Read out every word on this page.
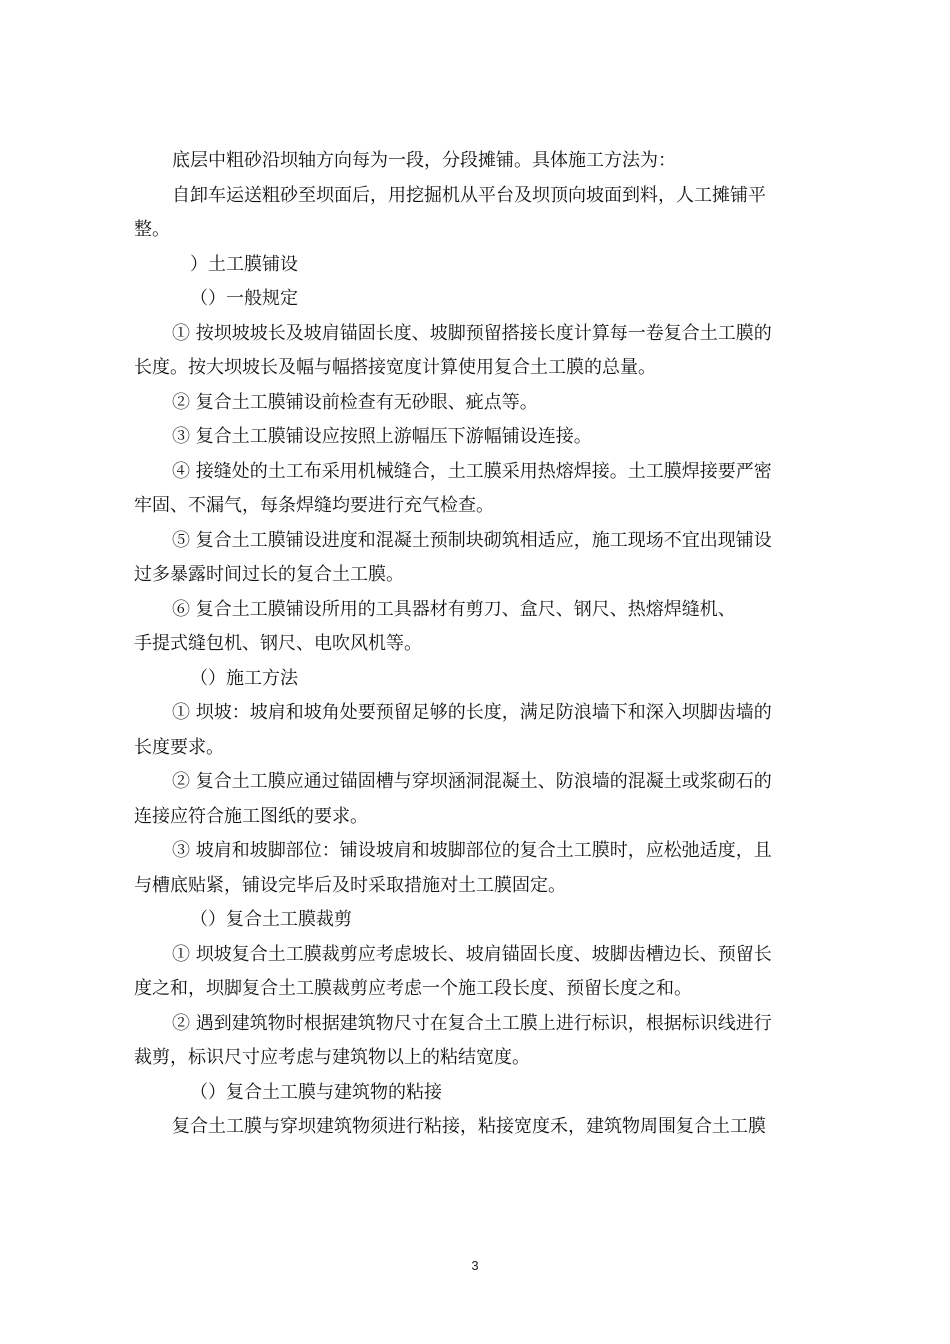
底层中粗砂沿坝轴方向每为一段，分段摊铺。具体施工方法为：

自卸车运送粗砂至坝面后，用挖掘机从平台及坝顶向坡面到料，人工摊铺平

整。

）土工膜铺设

（）一般规定

① 按坝坡坡长及坡肩锚固长度、坡脚预留搭接长度计算每一卷复合土工膜的

长度。按大坝坡长及幅与幅搭接宽度计算使用复合土工膜的总量。

② 复合土工膜铺设前检查有无砂眼、疵点等。

③ 复合土工膜铺设应按照上游幅压下游幅铺设连接。

④ 接缝处的土工布采用机械缝合，土工膜采用热熔焊接。土工膜焊接要严密

牢固、不漏气，每条焊缝均要进行充气检查。

⑤ 复合土工膜铺设进度和混凝土预制块砌筑相适应，施工现场不宜出现铺设

过多暴露时间过长的复合土工膜。

⑥ 复合土工膜铺设所用的工具器材有剪刀、盒尺、钢尺、热熔焊缝机、

手提式缝包机、钢尺、电吹风机等。

（）施工方法

① 坝坡：坡肩和坡角处要预留足够的长度，满足防浪墙下和深入坝脚齿墙的

长度要求。

② 复合土工膜应通过锚固槽与穿坝涵洞混凝土、防浪墙的混凝土或浆砌石的

连接应符合施工图纸的要求。

③ 坡肩和坡脚部位：铺设坡肩和坡脚部位的复合土工膜时，应松弛适度，且

与槽底贴紧，铺设完毕后及时采取措施对土工膜固定。

（）复合土工膜裁剪

① 坝坡复合土工膜裁剪应考虑坡长、坡肩锚固长度、坡脚齿槽边长、预留长

度之和，坝脚复合土工膜裁剪应考虑一个施工段长度、预留长度之和。

② 遇到建筑物时根据建筑物尺寸在复合土工膜上进行标识，根据标识线进行

裁剪，标识尺寸应考虑与建筑物以上的粘结宽度。

（）复合土工膜与建筑物的粘接

复合土工膜与穿坝建筑物须进行粘接，粘接宽度禾，建筑物周围复合土工膜

3
